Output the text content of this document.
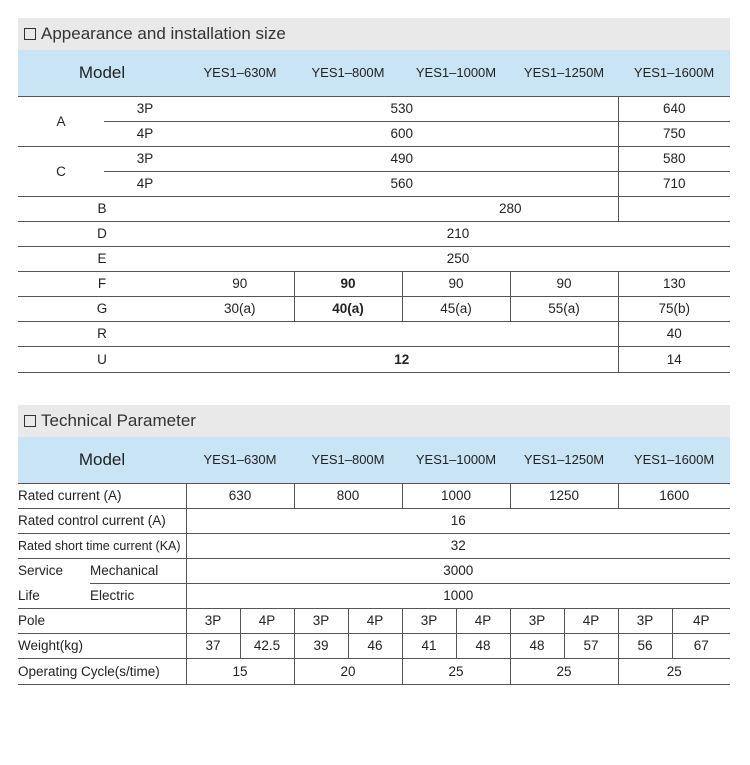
Appearance and installation size
Model		YES1–630M	YES1–800M	YES1–1000M	YES1–1250M	YES1–1600M
A	3P	530				640
	4P	600				750
C	3P	490				580
	4P	560				710
B		280				
D		210				
E		250				
F		90	90	90	90	130
G		30(a)	40(a)	45(a)	55(a)	75(b)
R						40
U		12				14
Technical Parameter
Model		YES1–630M		YES1–800M		YES1–1000M		YES1–1250M		YES1–1600M	
Rated current (A)		630		800		1000		1250		1600	
Rated control current (A)		16									
Rated short time current (KA)		32									
Service	Mechanical	3000									
Life	Electric	1000									
Pole		3P	4P	3P	4P	3P	4P	3P	4P	3P	4P
Weight(kg)		37	42.5	39	46	41	48	48	57	56	67
Operating Cycle(s/time)		15		20		25		25		25	
